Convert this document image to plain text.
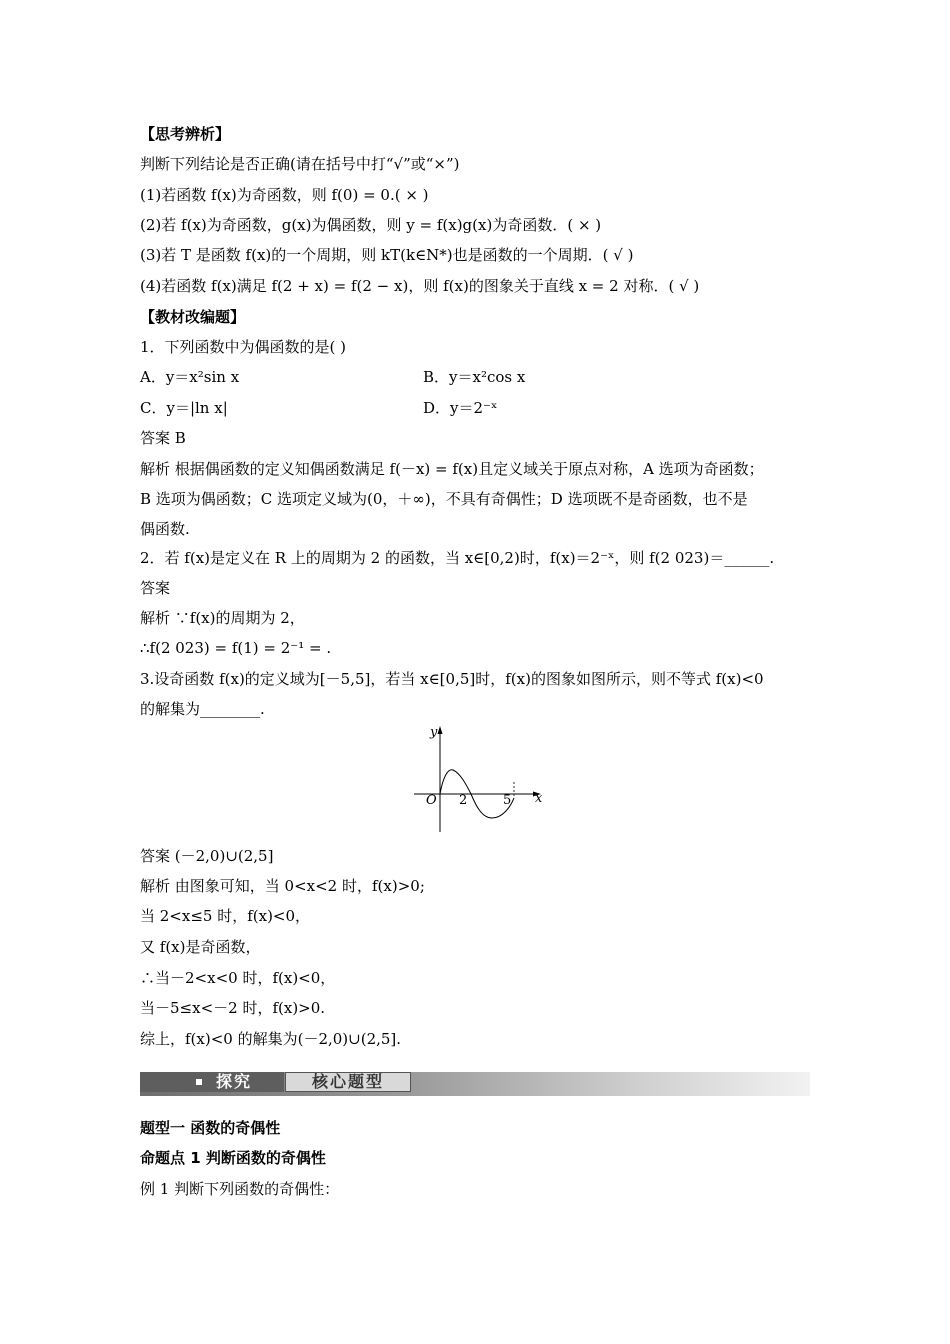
【思考辨析】
判断下列结论是否正确(请在括号中打“√”或“×”)
(1)若函数 f(x)为奇函数，则 f(0) = 0.( × )
(2)若 f(x)为奇函数，g(x)为偶函数，则 y = f(x)g(x)为奇函数．( × )
(3)若 T 是函数 f(x)的一个周期，则 kT(k∈N*)也是函数的一个周期．( √ )
(4)若函数 f(x)满足 f(2 + x) = f(2 − x)，则 f(x)的图象关于直线 x = 2 对称．( √ )
【教材改编题】
1．下列函数中为偶函数的是( )
A．y＝x²sin x	B．y＝x²cos x
C．y＝|ln x|	D．y＝2⁻ˣ
答案 B
解析 根据偶函数的定义知偶函数满足 f(－x) = f(x)且定义域关于原点对称，A 选项为奇函数；
B 选项为偶函数；C 选项定义域为(0，＋∞)，不具有奇偶性；D 选项既不是奇函数，也不是
偶函数.
2．若 f(x)是定义在 R 上的周期为 2 的函数，当 x∈[0,2)时，f(x)＝2⁻ˣ，则 f(2 023)＝______.
答案
解析 ∵f(x)的周期为 2，
∴f(2 023) = f(1) = 2⁻¹ = .
3.设奇函数 f(x)的定义域为[－5,5]，若当 x∈[0,5]时，f(x)的图象如图所示，则不等式 f(x)<0
的解集为________.
y
x
O 2	5
答案 (－2,0)∪(2,5]
解析 由图象可知，当 0<x<2 时，f(x)>0;
当 2<x≤5 时，f(x)<0，
又 f(x)是奇函数，
∴当－2<x<0 时，f(x)<0，
当－5≤x<－2 时，f(x)>0.
综上，f(x)<0 的解集为(－2,0)∪(2,5].
探究	核心题型
题型一 函数的奇偶性
命题点 1 判断函数的奇偶性
例 1 判断下列函数的奇偶性：
